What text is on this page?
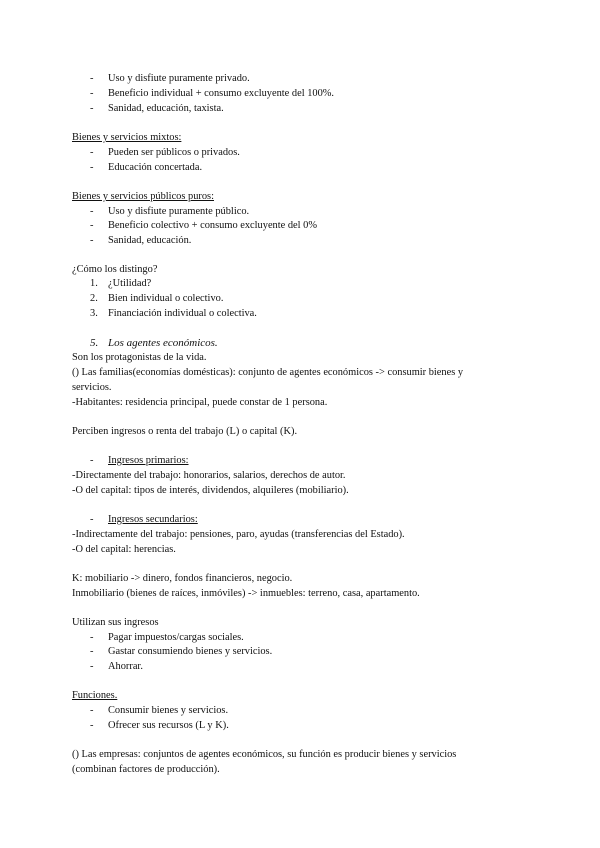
-	Uso y disfiute puramente privado.
-	Beneficio individual + consumo excluyente del 100%.
-	Sanidad, educación, taxista.
Bienes y servicios mixtos:
-	Pueden ser públicos o privados.
-	Educación concertada.
Bienes y servicios públicos puros:
-	Uso y disfiute puramente público.
-	Beneficio colectivo + consumo excluyente del 0%
-	Sanidad, educación.
¿Cómo los distingo?
1. ¿Utilidad?
2. Bien individual o colectivo.
3. Financiación individual o colectiva.
5. Los agentes económicos.
Son los protagonistas de la vida.
() Las familias(economías domésticas): conjunto de agentes económicos -> consumir bienes y
servicios.
-Habitantes: residencia principal, puede constar de 1 persona.
Perciben ingresos o renta del trabajo (L) o capital (K).
-	Ingresos primarios:
-Directamente del trabajo: honorarios, salarios, derechos de autor.
-O del capital: tipos de interés, dividendos, alquileres (mobiliario).
-	Ingresos secundarios:
-Indirectamente del trabajo: pensiones, paro, ayudas (transferencias del Estado).
-O del capital: herencias.
K: mobiliario -> dinero, fondos financieros, negocio.
Inmobiliario (bienes de raíces, inmóviles) -> inmuebles: terreno, casa, apartamento.
Utilizan sus ingresos
-	Pagar impuestos/cargas sociales.
-	Gastar consumiendo bienes y servicios.
-	Ahorrar.
Funciones.
-	Consumir bienes y servicios.
-	Ofrecer sus recursos (L y K).
() Las empresas: conjuntos de agentes económicos, su función es producir bienes y servicios
(combinan factores de producción).
